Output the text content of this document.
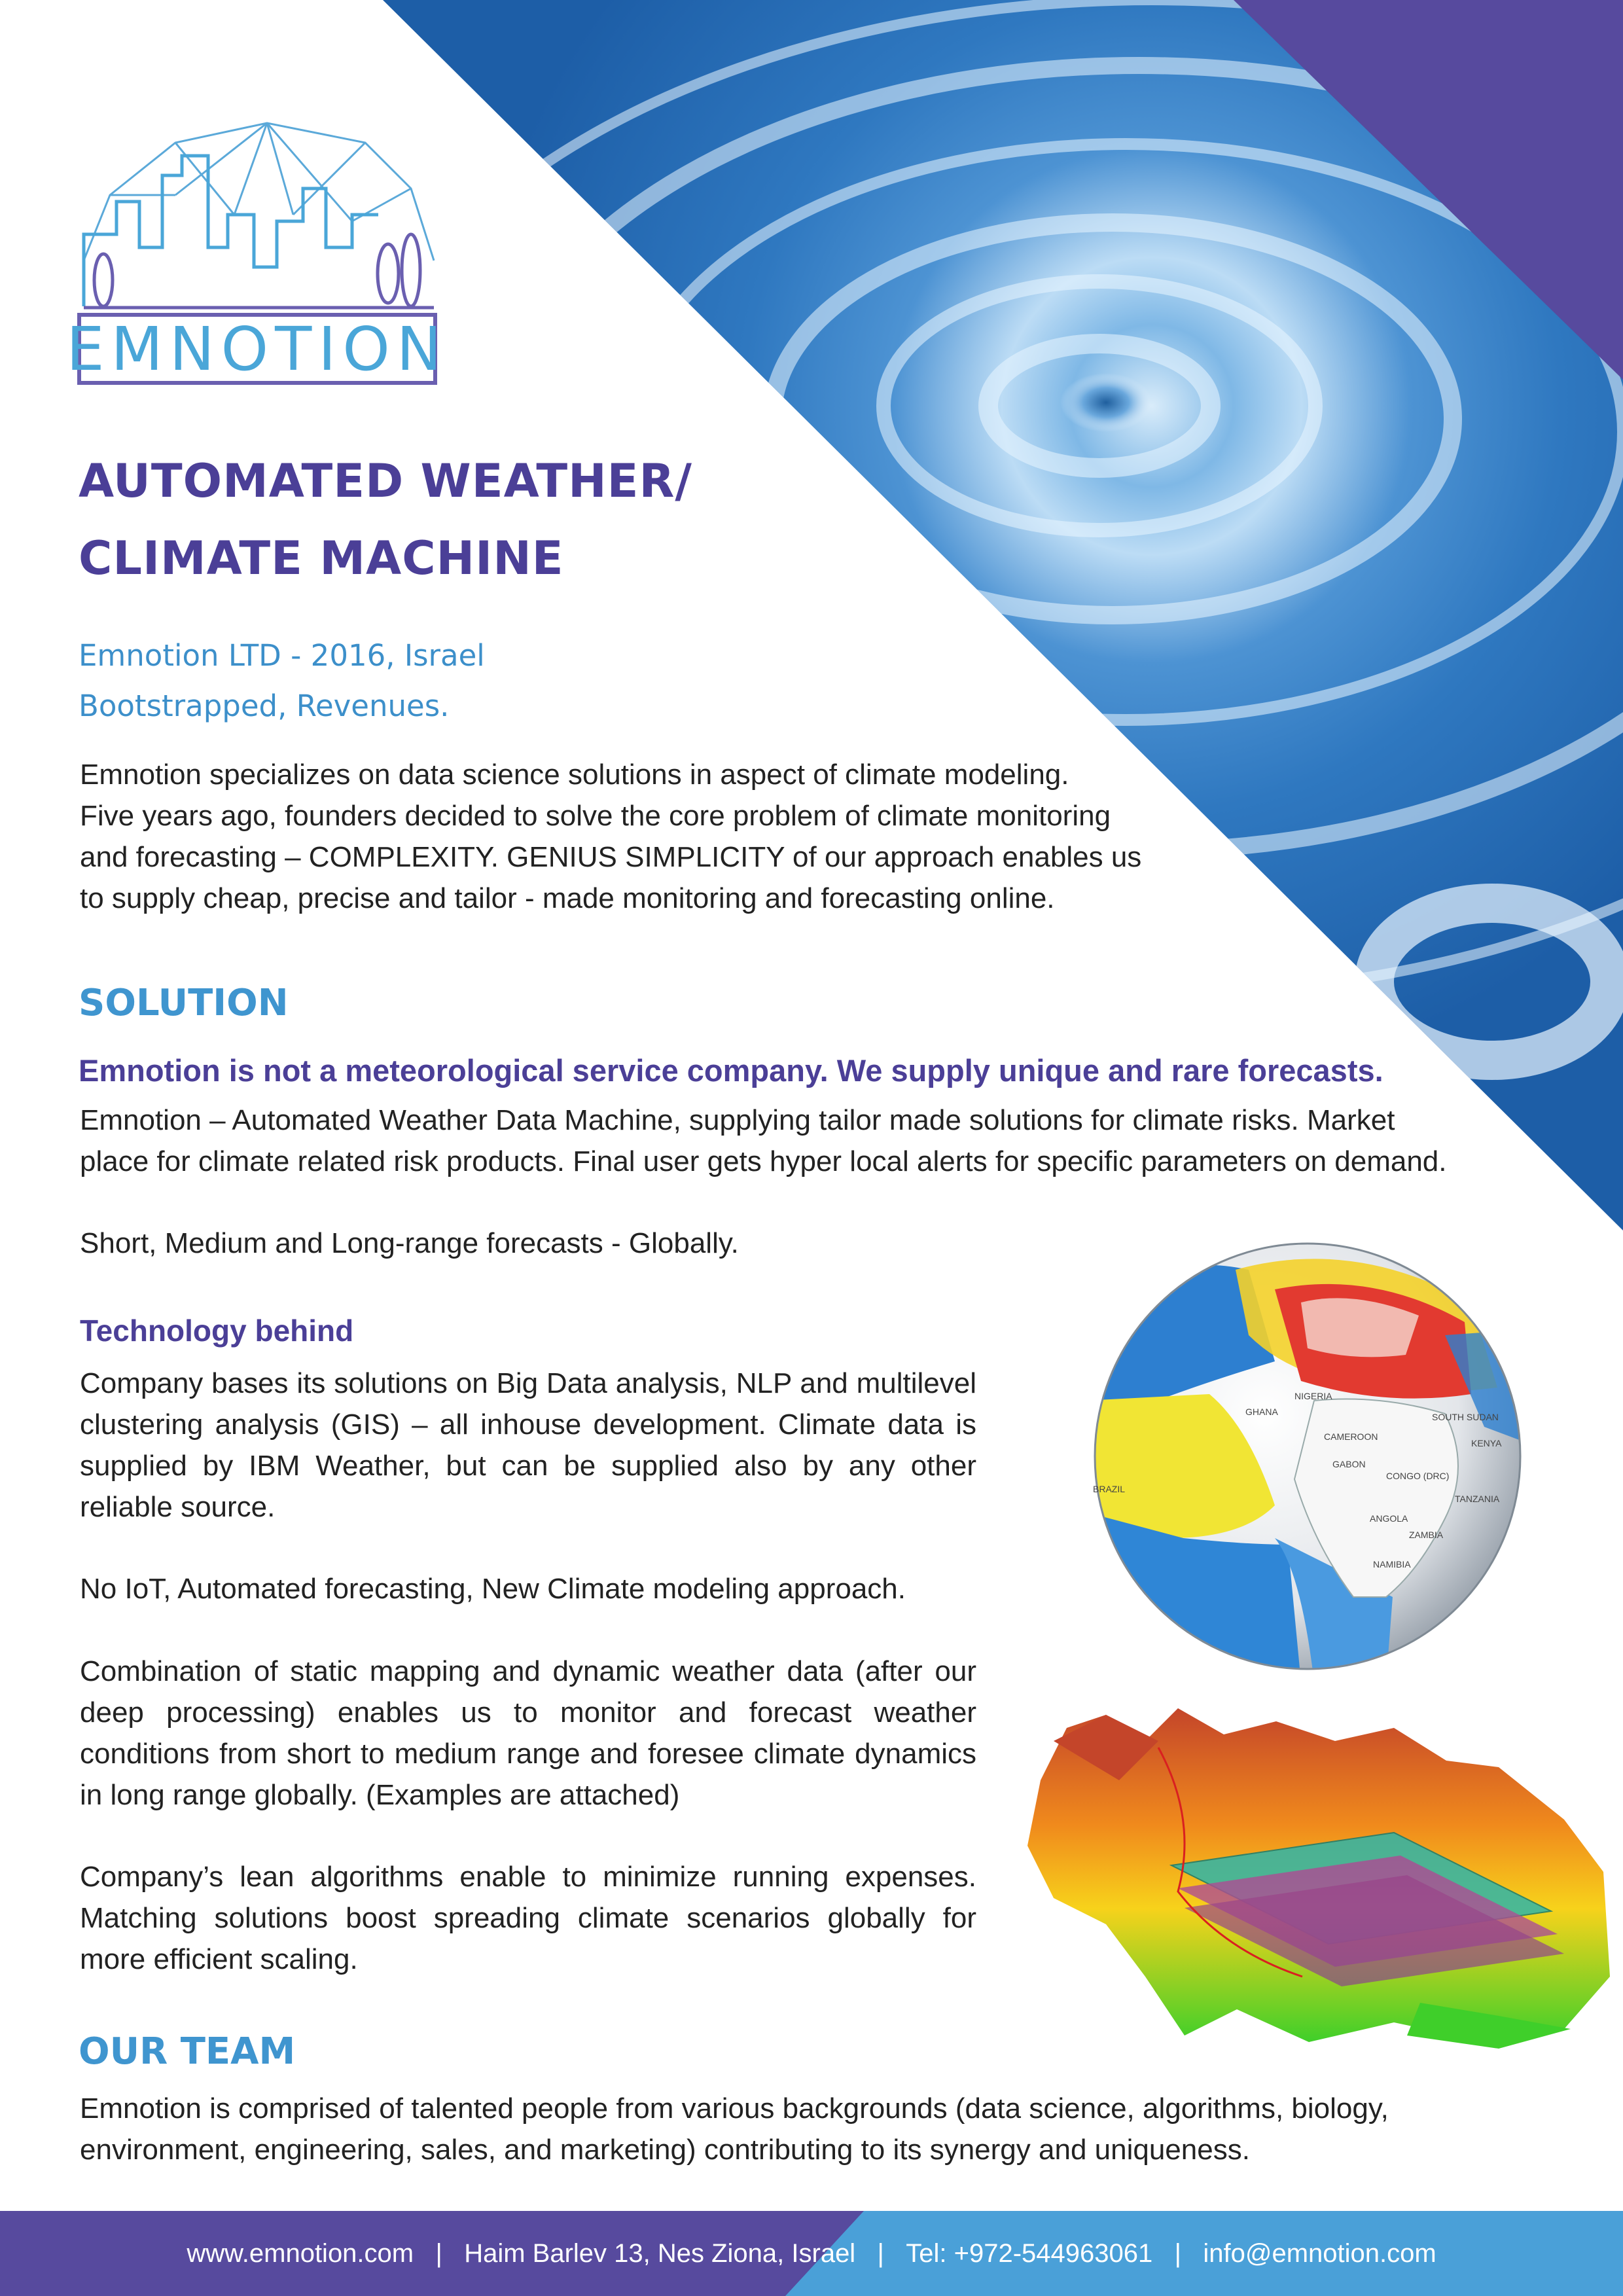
EMNOTION
AUTOMATED WEATHER/
CLIMATE MACHINE
Emnotion LTD - 2016, Israel
Bootstrapped, Revenues.
Emnotion specializes on data science solutions in aspect of climate modeling.
Five years ago, founders decided to solve the core problem of climate monitoring
and forecasting – COMPLEXITY. GENIUS SIMPLICITY of our approach enables us
to supply cheap, precise and tailor - made monitoring and forecasting online.
SOLUTION
Emnotion is not a meteorological service company. We supply unique and rare forecasts.
Emnotion – Automated Weather Data Machine, supplying tailor made solutions for climate risks. Market
place for climate related risk products. Final user gets hyper local alerts for specific parameters on demand.
Short, Medium and Long-range forecasts - Globally.
Technology behind
Company bases its solutions on Big Data analysis, NLP and multilevel clustering analysis (GIS) – all inhouse development. Climate data is supplied by IBM Weather, but can be supplied also by any other reliable source.
No IoT, Automated forecasting, New Climate modeling approach.
Combination of static mapping and dynamic weather data (after our deep processing) enables us to monitor and forecast weather conditions from short to medium range and foresee climate dynamics in long range globally. (Examples are attached)
Company’s lean algorithms enable to minimize running expenses. Matching solutions boost spreading climate scenarios globally for more efficient scaling.
NIGERIA
GHANA
CAMEROON
SOUTH SUDAN
GABON
CONGO (DRC)
KENYA
TANZANIA
ANGOLA
ZAMBIA
NAMIBIA
BRAZIL
OUR TEAM
Emnotion is comprised of talented people from various backgrounds (data science, algorithms, biology,
environment, engineering, sales, and marketing) contributing to its synergy and uniqueness.
www.emnotion.com
|
Haim Barlev 13, Nes Ziona, Israel
|
Tel: +972-544963061
|
info@emnotion.com
